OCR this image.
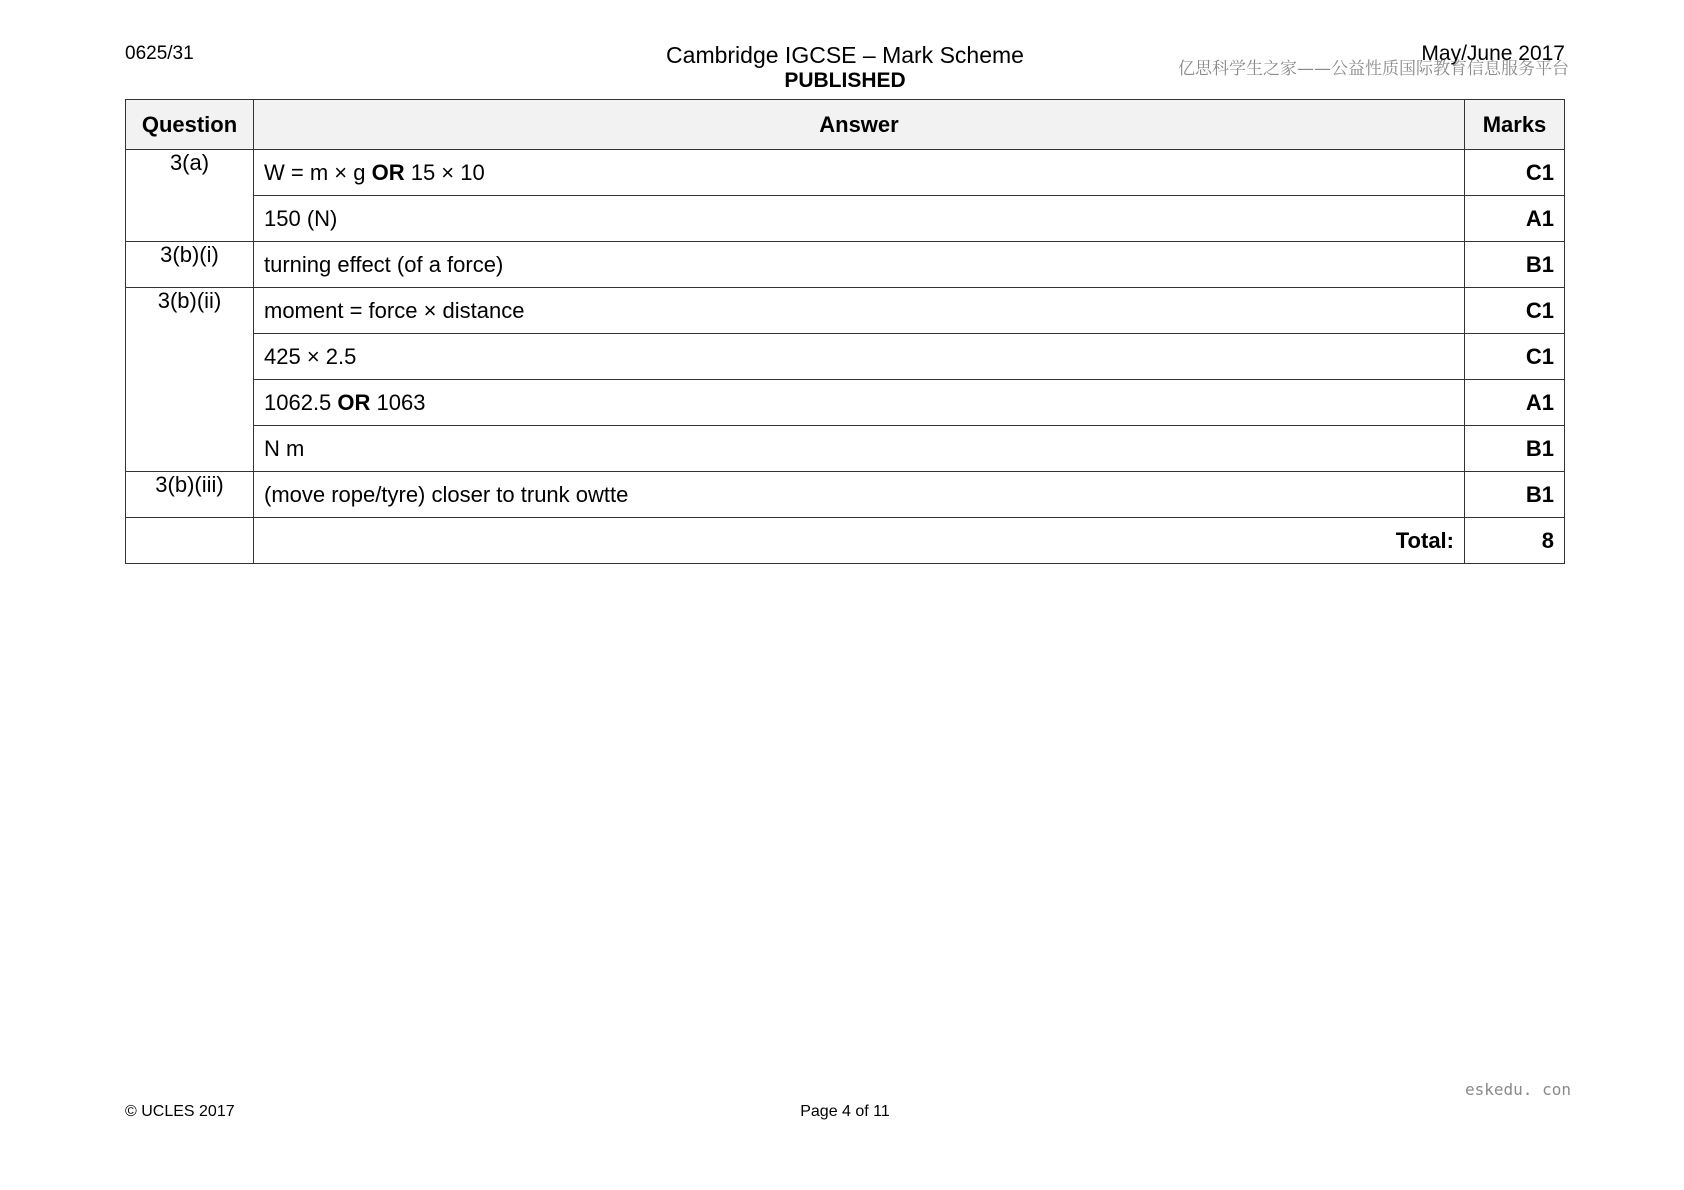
0625/31	Cambridge IGCSE – Mark Scheme
PUBLISHED
May/June 2017
亿思科学生之家——公益性质国际教育信息服务平台
Question	Answer	Marks
3(a)	W = m × g OR 15 × 10	C1
	150 (N)	A1
3(b)(i)	turning effect (of a force)	B1
3(b)(ii)	moment = force × distance	C1
	425 × 2.5	C1
	1062.5 OR 1063	A1
	N m	B1
3(b)(iii)	(move rope/tyre) closer to trunk owtte	B1
	Total:	8
eskedu. con
© UCLES 2017	Page 4 of 11
